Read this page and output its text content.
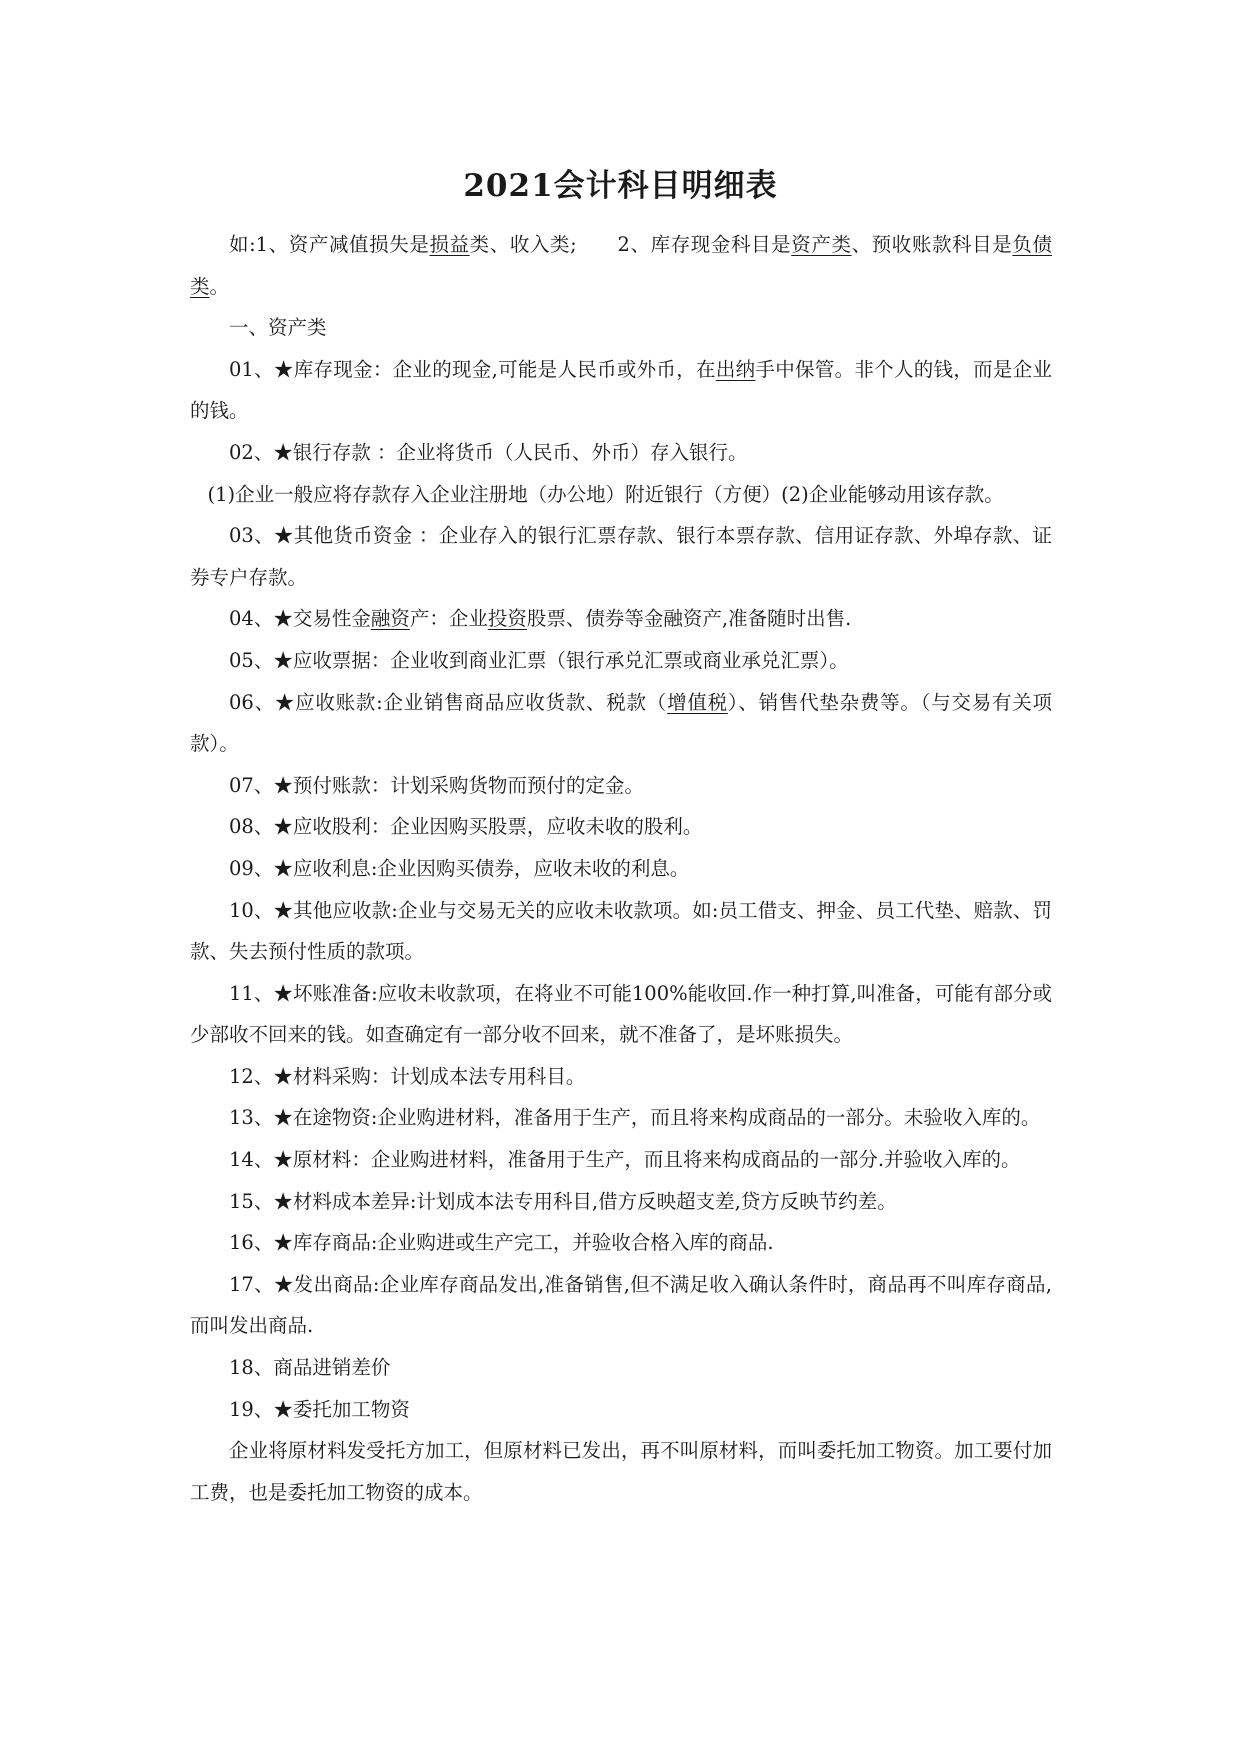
2021会计科目明细表

如:1、资产减值损失是损益类、收入类;　　2、库存现金科目是资产类、预收账款科目是负债类。

一、资产类

01、★库存现金：企业的现金,可能是人民币或外币，在出纳手中保管。非个人的钱，而是企业的钱。

02、★银行存款 ：企业将货币（人民币、外币）存入银行。

(1)企业一般应将存款存入企业注册地（办公地）附近银行（方便）(2)企业能够动用该存款。

03、★其他货币资金 ：企业存入的银行汇票存款、银行本票存款、信用证存款、外埠存款、证券专户存款。

04、★交易性金融资产：企业投资股票、债券等金融资产,准备随时出售.

05、★应收票据：企业收到商业汇票（银行承兑汇票或商业承兑汇票）。

06、★应收账款:企业销售商品应收货款、税款（增值税）、销售代垫杂费等。（与交易有关项款）。

07、★预付账款：计划采购货物而预付的定金。

08、★应收股利：企业因购买股票，应收未收的股利。

09、★应收利息:企业因购买债券，应收未收的利息。

10、★其他应收款:企业与交易无关的应收未收款项。如:员工借支、押金、员工代垫、赔款、罚款、失去预付性质的款项。

11、★坏账准备:应收未收款项，在将业不可能100%能收回.作一种打算,叫准备，可能有部分或少部收不回来的钱。如查确定有一部分收不回来，就不准备了，是坏账损失。

12、★材料采购：计划成本法专用科目。

13、★在途物资:企业购进材料，准备用于生产，而且将来构成商品的一部分。未验收入库的。

14、★原材料：企业购进材料，准备用于生产，而且将来构成商品的一部分.并验收入库的。

15、★材料成本差异:计划成本法专用科目,借方反映超支差,贷方反映节约差。

16、★库存商品:企业购进或生产完工，并验收合格入库的商品.

17、★发出商品:企业库存商品发出,准备销售,但不满足收入确认条件时，商品再不叫库存商品,而叫发出商品.

18、商品进销差价

19、★委托加工物资

企业将原材料发受托方加工，但原材料已发出，再不叫原材料，而叫委托加工物资。加工要付加工费，也是委托加工物资的成本。
